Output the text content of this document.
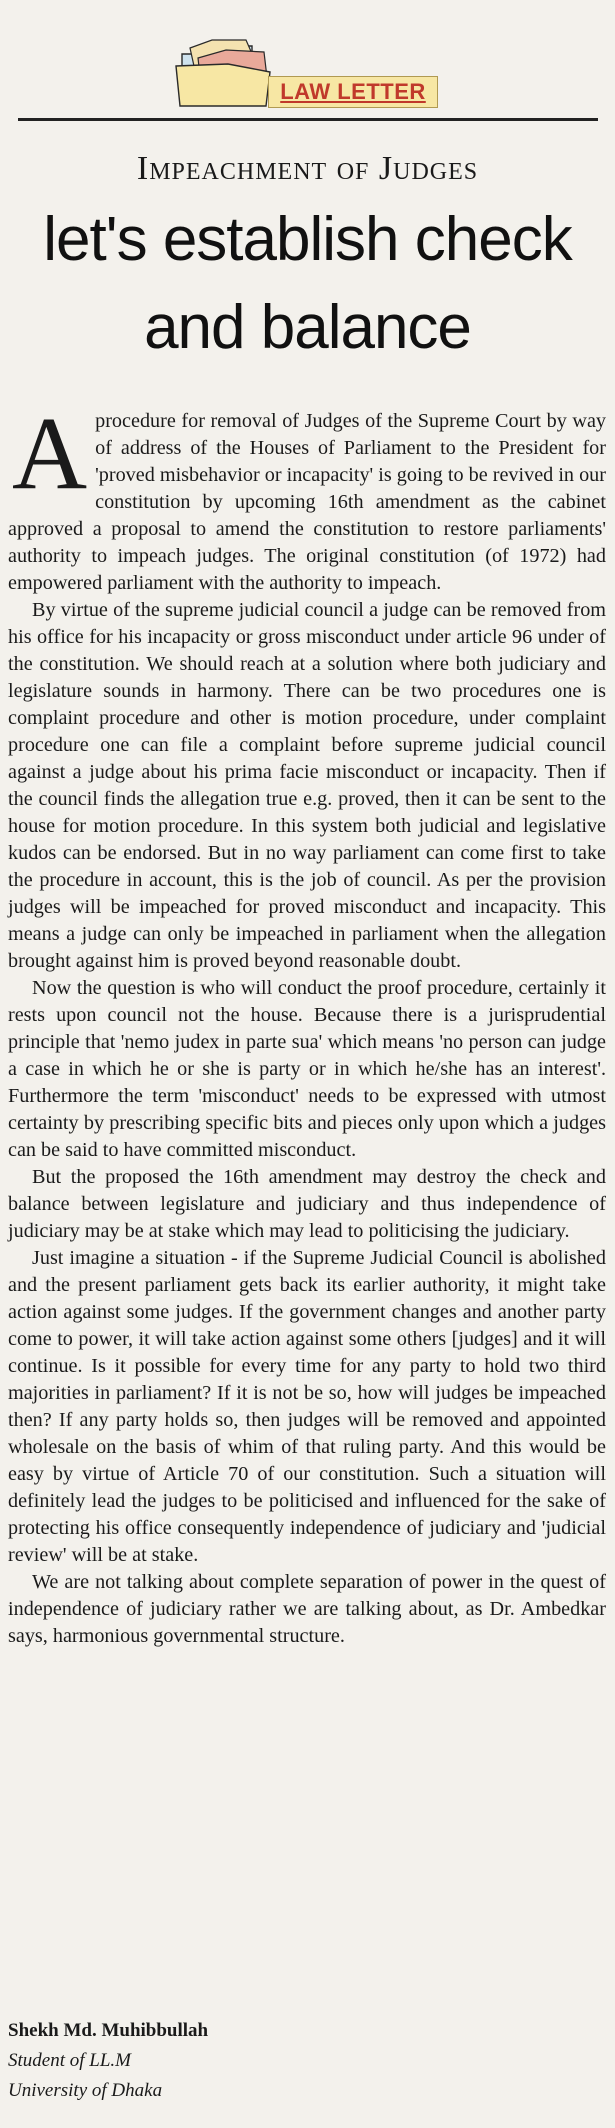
LAW LETTER
Impeachment of Judges
let's establish check
and balance

A procedure for removal of Judges of the Supreme Court by way of address of the Houses of Parliament to the President for 'proved misbehavior or incapacity' is going to be revived in our constitution by upcoming 16th amendment as the cabinet approved a proposal to amend the constitution to restore parliaments' authority to impeach judges. The original constitution (of 1972) had empowered parliament with the authority to impeach.

By virtue of the supreme judicial council a judge can be removed from his office for his incapacity or gross misconduct under article 96 under of the constitution. We should reach at a solution where both judiciary and legislature sounds in harmony. There can be two procedures one is complaint procedure and other is motion procedure, under complaint procedure one can file a complaint before supreme judicial council against a judge about his prima facie misconduct or incapacity. Then if the council finds the allegation true e.g. proved, then it can be sent to the house for motion procedure. In this system both judicial and legislative kudos can be endorsed. But in no way parliament can come first to take the procedure in account, this is the job of council. As per the provision judges will be impeached for proved misconduct and incapacity. This means a judge can only be impeached in parliament when the allegation brought against him is proved beyond reasonable doubt.

Now the question is who will conduct the proof procedure, certainly it rests upon council not the house. Because there is a jurisprudential principle that 'nemo judex in parte sua' which means 'no person can judge a case in which he or she is party or in which he/she has an interest'. Furthermore the term 'misconduct' needs to be expressed with utmost certainty by prescribing specific bits and pieces only upon which a judges can be said to have committed misconduct.

But the proposed the 16th amendment may destroy the check and balance between legislature and judiciary and thus independence of judiciary may be at stake which may lead to politicising the judiciary.

Just imagine a situation - if the Supreme Judicial Council is abolished and the present parliament gets back its earlier authority, it might take action against some judges. If the government changes and another party come to power, it will take action against some others [judges] and it will continue. Is it possible for every time for any party to hold two third majorities in parliament? If it is not be so, how will judges be impeached then? If any party holds so, then judges will be removed and appointed wholesale on the basis of whim of that ruling party. And this would be easy by virtue of Article 70 of our constitution. Such a situation will definitely lead the judges to be politicised and influenced for the sake of protecting his office consequently independence of judiciary and 'judicial review' will be at stake.

We are not talking about complete separation of power in the quest of independence of judiciary rather we are talking about, as Dr. Ambedkar says, harmonious governmental structure.

Shekh Md. Muhibbullah
Student of LL.M
University of Dhaka
